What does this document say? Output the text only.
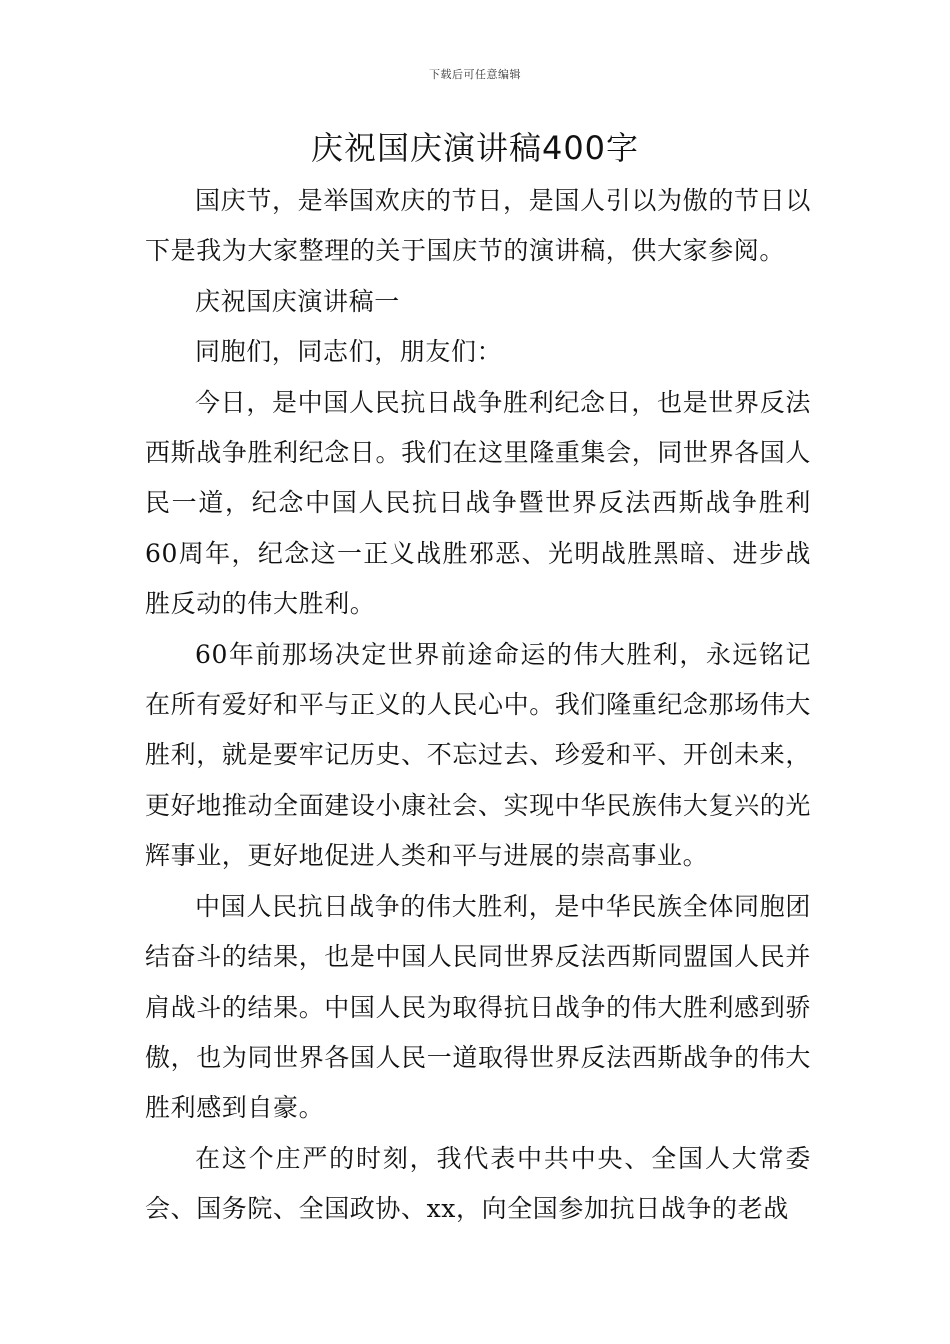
下载后可任意编辑
庆祝国庆演讲稿400字

国庆节，是举国欢庆的节日，是国人引以为傲的节日以下是我为大家整理的关于国庆节的演讲稿，供大家参阅。

庆祝国庆演讲稿一

同胞们，同志们，朋友们：

今日，是中国人民抗日战争胜利纪念日，也是世界反法西斯战争胜利纪念日。我们在这里隆重集会，同世界各国人民一道，纪念中国人民抗日战争暨世界反法西斯战争胜利60周年，纪念这一正义战胜邪恶、光明战胜黑暗、进步战胜反动的伟大胜利。

60年前那场决定世界前途命运的伟大胜利，永远铭记在所有爱好和平与正义的人民心中。我们隆重纪念那场伟大胜利，就是要牢记历史、不忘过去、珍爱和平、开创未来，更好地推动全面建设小康社会、实现中华民族伟大复兴的光辉事业，更好地促进人类和平与进展的崇高事业。

中国人民抗日战争的伟大胜利，是中华民族全体同胞团结奋斗的结果，也是中国人民同世界反法西斯同盟国人民并肩战斗的结果。中国人民为取得抗日战争的伟大胜利感到骄傲，也为同世界各国人民一道取得世界反法西斯战争的伟大胜利感到自豪。

在这个庄严的时刻，我代表中共中央、全国人大常委会、国务院、全国政协、xx，向全国参加抗日战争的老战
